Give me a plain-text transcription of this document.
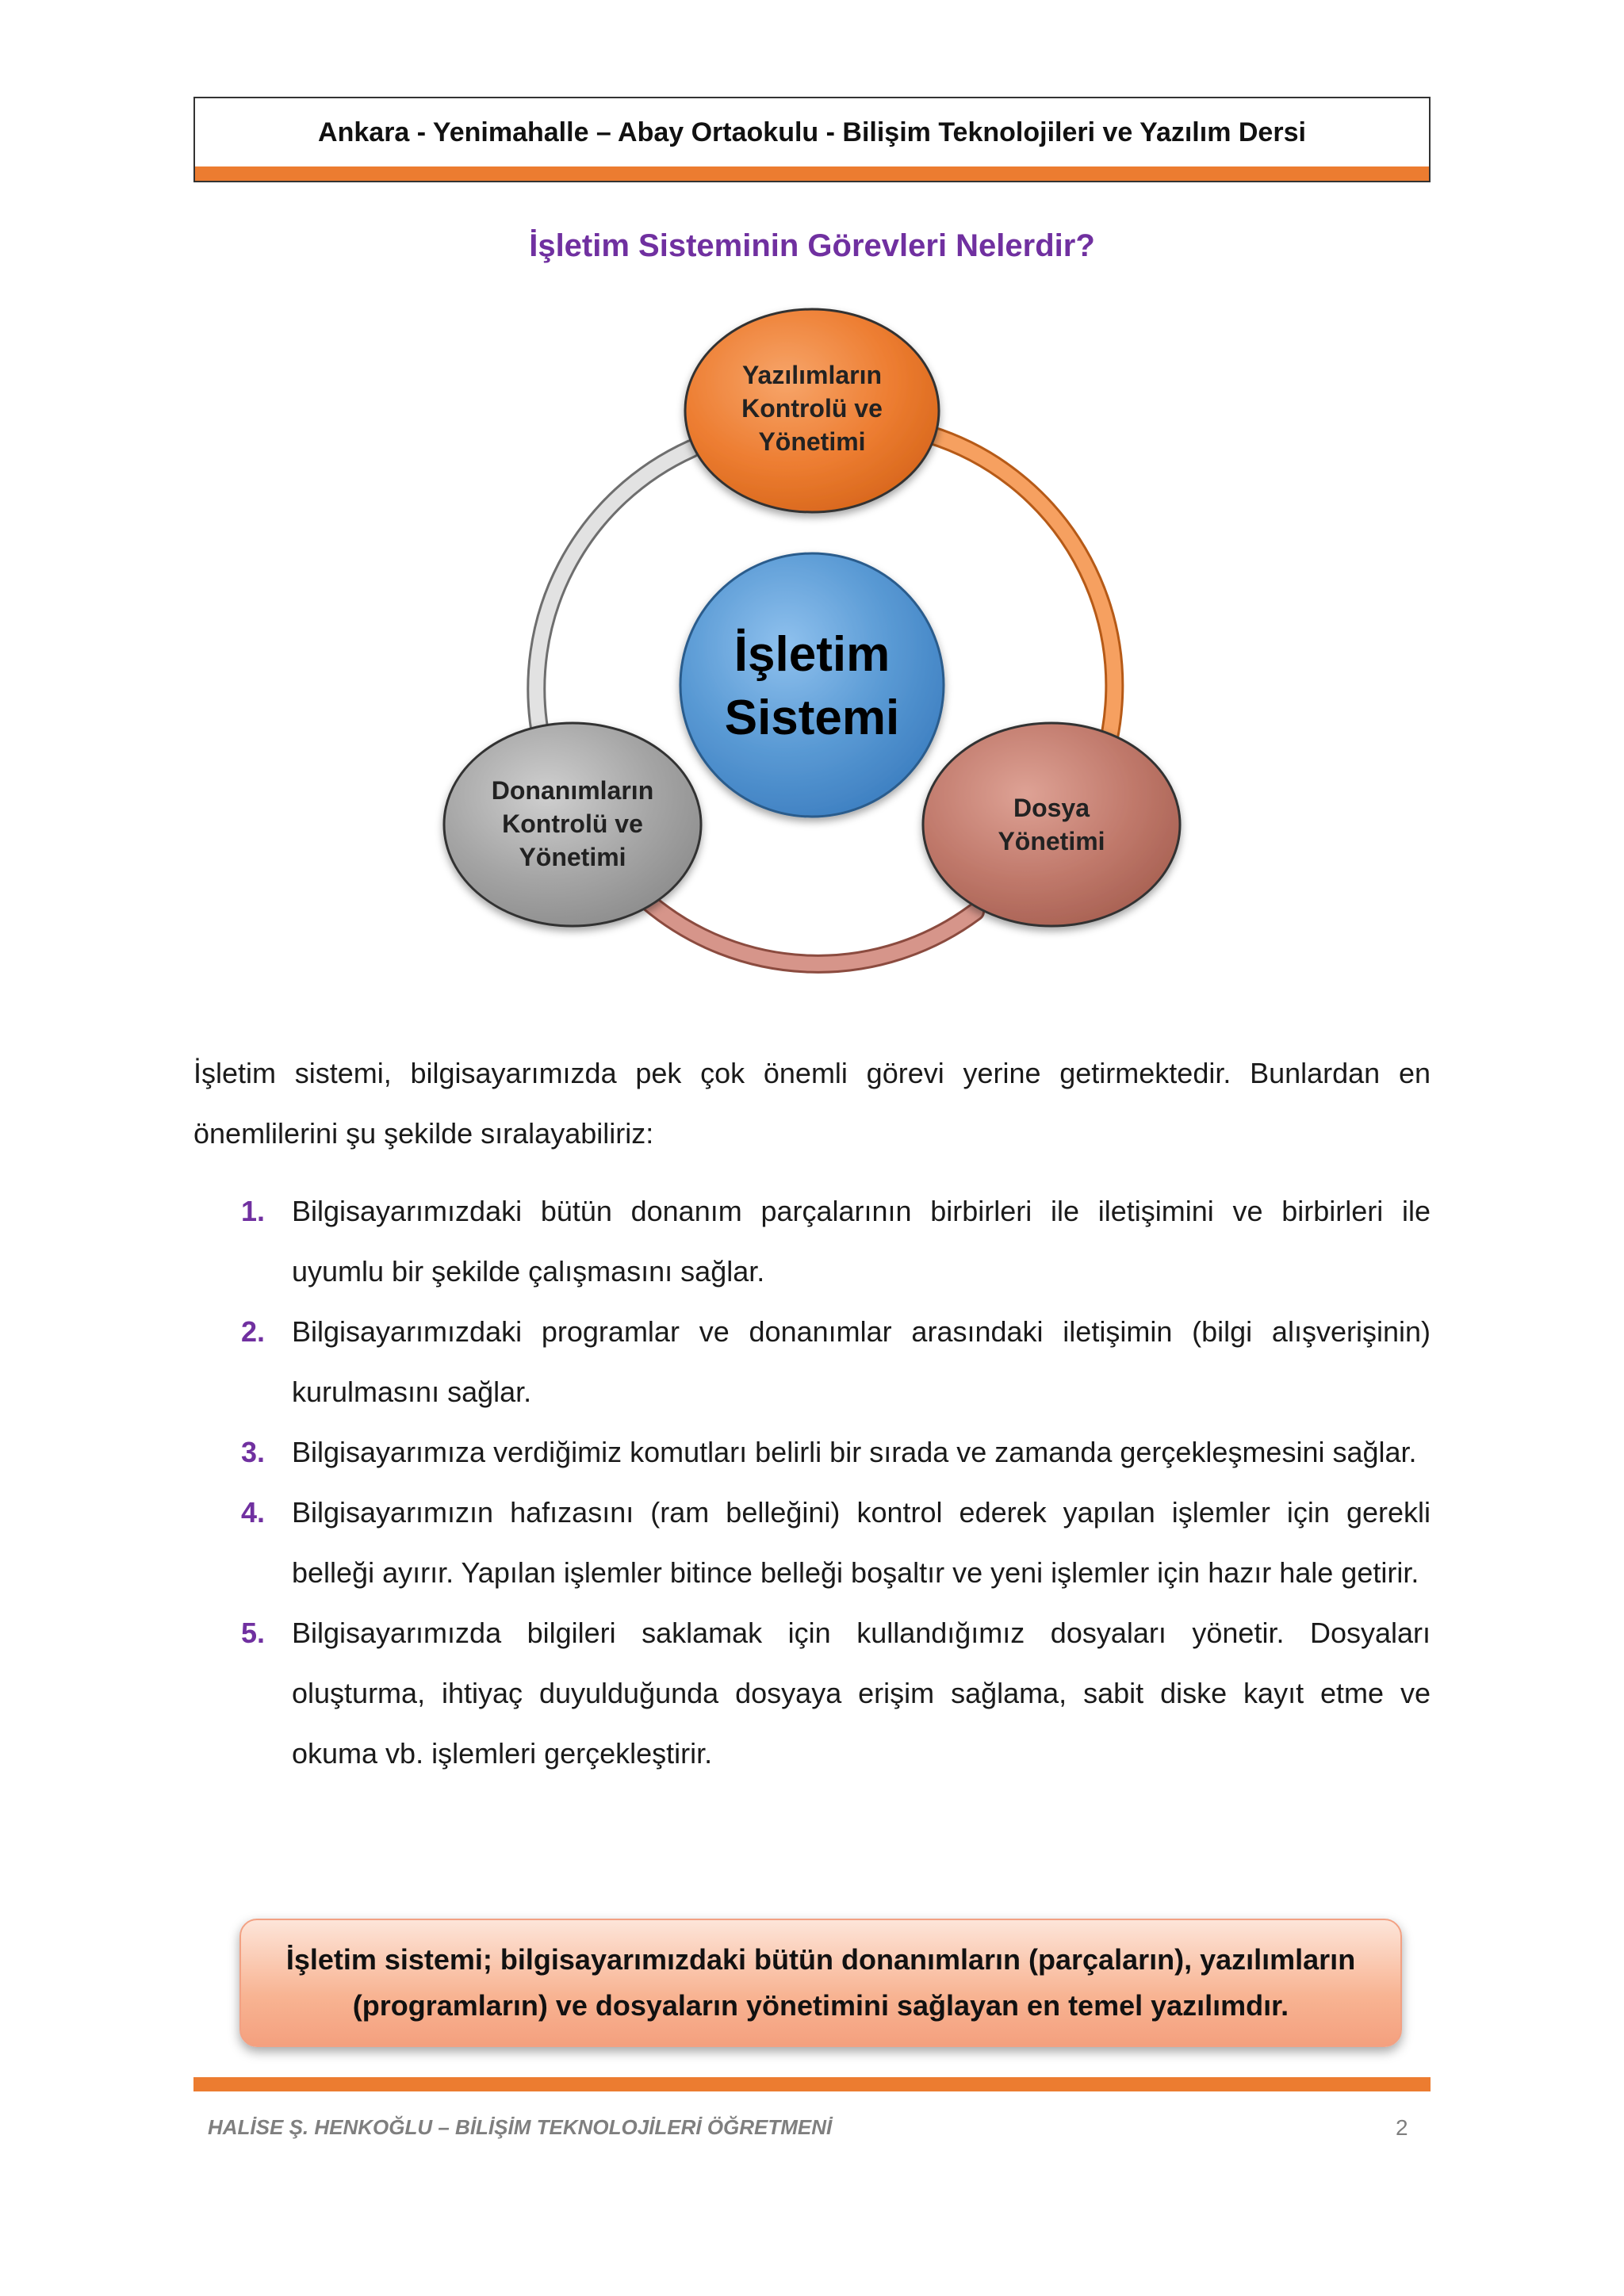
Ankara - Yenimahalle – Abay Ortaokulu - Bilişim Teknolojileri ve Yazılım Dersi
İşletim Sisteminin Görevleri Nelerdir?
İşletim
Sistemi
Yazılımların
Kontrolü ve
Yönetimi
Dosya
Yönetimi
Donanımların
Kontrolü ve
Yönetimi

İşletim sistemi, bilgisayarımızda pek çok önemli görevi yerine getirmektedir. Bunlardan en önemlilerini şu şekilde sıralayabiliriz:

1. Bilgisayarımızdaki bütün donanım parçalarının birbirleri ile iletişimini ve birbirleri ile uyumlu bir şekilde çalışmasını sağlar.
2. Bilgisayarımızdaki programlar ve donanımlar arasındaki iletişimin (bilgi alışverişinin) kurulmasını sağlar.
3. Bilgisayarımıza verdiğimiz komutları belirli bir sırada ve zamanda gerçekleşmesini sağlar.
4. Bilgisayarımızın hafızasını (ram belleğini) kontrol ederek yapılan işlemler için gerekli belleği ayırır. Yapılan işlemler bitince belleği boşaltır ve yeni işlemler için hazır hale getirir.
5. Bilgisayarımızda bilgileri saklamak için kullandığımız dosyaları yönetir. Dosyaları oluşturma, ihtiyaç duyulduğunda dosyaya erişim sağlama, sabit diske kayıt etme ve okuma vb. işlemleri gerçekleştirir.
İşletim sistemi; bilgisayarımızdaki bütün donanımların (parçaların), yazılımların (programların) ve dosyaların yönetimini sağlayan en temel yazılımdır.
HALİSE Ş. HENKOĞLU – BİLİŞİM TEKNOLOJİLERİ ÖĞRETMENİ	2
